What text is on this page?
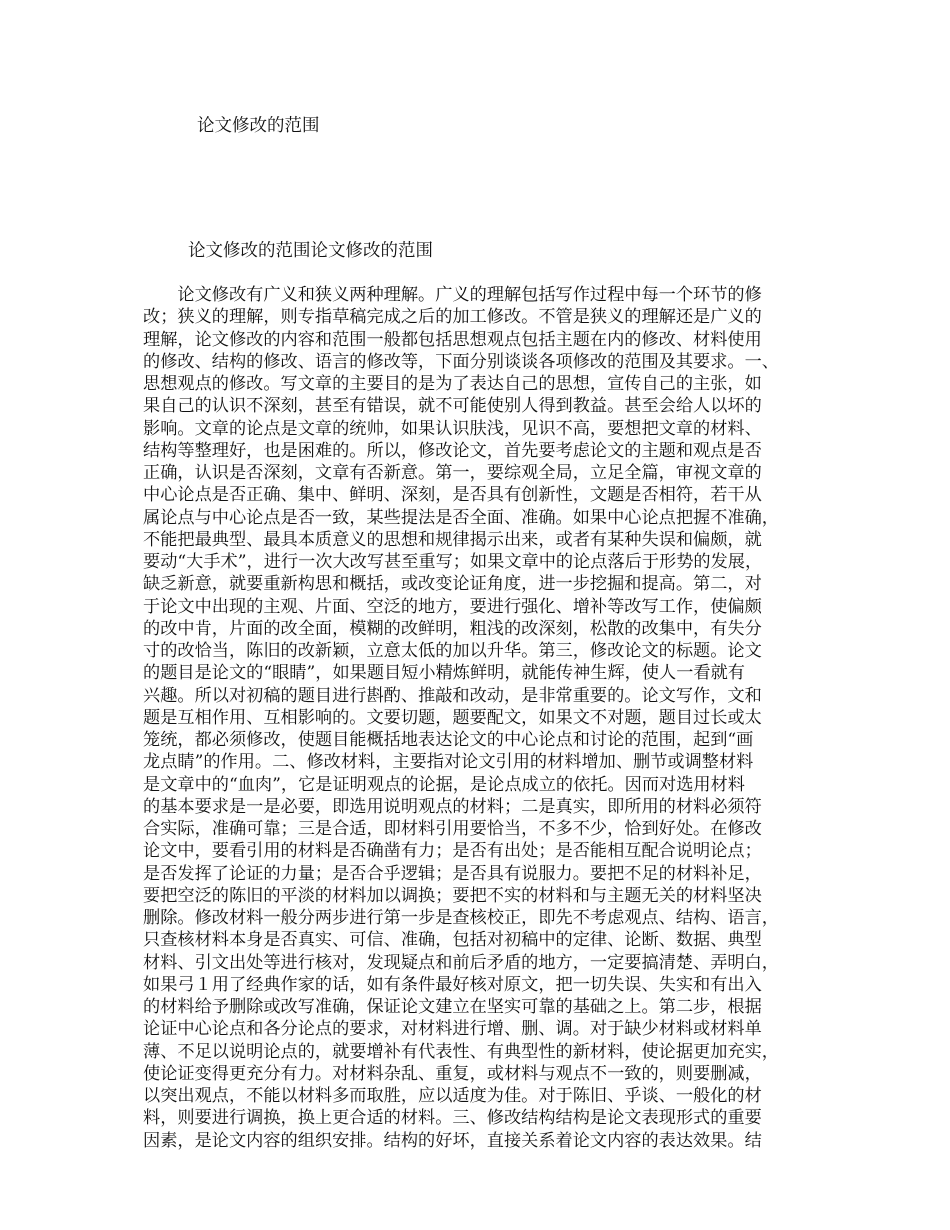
论文修改的范围
论文修改的范围论文修改的范围
　　论文修改有广义和狭义两种理解。广义的理解包括写作过程中每一个环节的修
改；狭义的理解，则专指草稿完成之后的加工修改。不管是狭义的理解还是广义的
理解，论文修改的内容和范围一般都包括思想观点包括主题在内的修改、材料使用
的修改、结构的修改、语言的修改等，下面分别谈谈各项修改的范围及其要求。一、
思想观点的修改。写文章的主要目的是为了表达自己的思想，宣传自己的主张，如
果自己的认识不深刻，甚至有错误，就不可能使别人得到教益。甚至会给人以坏的
影响。文章的论点是文章的统帅，如果认识肤浅，见识不高，要想把文章的材料、
结构等整理好，也是困难的。所以，修改论文，首先要考虑论文的主题和观点是否
正确，认识是否深刻，文章有否新意。第一，要综观全局，立足全篇，审视文章的
中心论点是否正确、集中、鲜明、深刻，是否具有创新性，文题是否相符，若干从
属论点与中心论点是否一致，某些提法是否全面、准确。如果中心论点把握不准确，
不能把最典型、最具本质意义的思想和规律揭示出来，或者有某种失误和偏颇，就
要动“大手术”，进行一次大改写甚至重写；如果文章中的论点落后于形势的发展，
缺乏新意，就要重新构思和概括，或改变论证角度，进一步挖掘和提高。第二，对
于论文中出现的主观、片面、空泛的地方，要进行强化、增补等改写工作，使偏颇
的改中肯，片面的改全面，模糊的改鲜明，粗浅的改深刻，松散的改集中，有失分
寸的改恰当，陈旧的改新颖，立意太低的加以升华。第三，修改论文的标题。论文
的题目是论文的“眼睛”，如果题目短小精炼鲜明，就能传神生辉，使人一看就有
兴趣。所以对初稿的题目进行斟酌、推敲和改动，是非常重要的。论文写作，文和
题是互相作用、互相影响的。文要切题，题要配文，如果文不对题，题目过长或太
笼统，都必须修改，使题目能概括地表达论文的中心论点和讨论的范围，起到“画
龙点睛”的作用。二、修改材料，主要指对论文引用的材料增加、删节或调整材料
是文章中的“血肉”，它是证明观点的论据，是论点成立的依托。因而对选用材料
的基本要求是一是必要，即选用说明观点的材料；二是真实，即所用的材料必须符
合实际，准确可靠；三是合适，即材料引用要恰当，不多不少，恰到好处。在修改
论文中，要看引用的材料是否确凿有力；是否有出处；是否能相互配合说明论点；
是否发挥了论证的力量；是否合乎逻辑；是否具有说服力。要把不足的材料补足，
要把空泛的陈旧的平淡的材料加以调换；要把不实的材料和与主题无关的材料坚决
删除。修改材料一般分两步进行第一步是查核校正，即先不考虑观点、结构、语言，
只查核材料本身是否真实、可信、准确，包括对初稿中的定律、论断、数据、典型
材料、引文出处等进行核对，发现疑点和前后矛盾的地方，一定要搞清楚、弄明白，
如果弓１用了经典作家的话，如有条件最好核对原文，把一切失误、失实和有出入
的材料给予删除或改写准确，保证论文建立在坚实可靠的基础之上。第二步，根据
论证中心论点和各分论点的要求，对材料进行增、删、调。对于缺少材料或材料单
薄、不足以说明论点的，就要增补有代表性、有典型性的新材料，使论据更加充实，
使论证变得更充分有力。对材料杂乱、重复，或材料与观点不一致的，则要删减，
以突出观点，不能以材料多而取胜，应以适度为佳。对于陈旧、乎谈、一般化的材
料，则要进行调换，换上更合适的材料。三、修改结构结构是论文表现形式的重要
因素，是论文内容的组织安排。结构的好坏，直接关系着论文内容的表达效果。结
